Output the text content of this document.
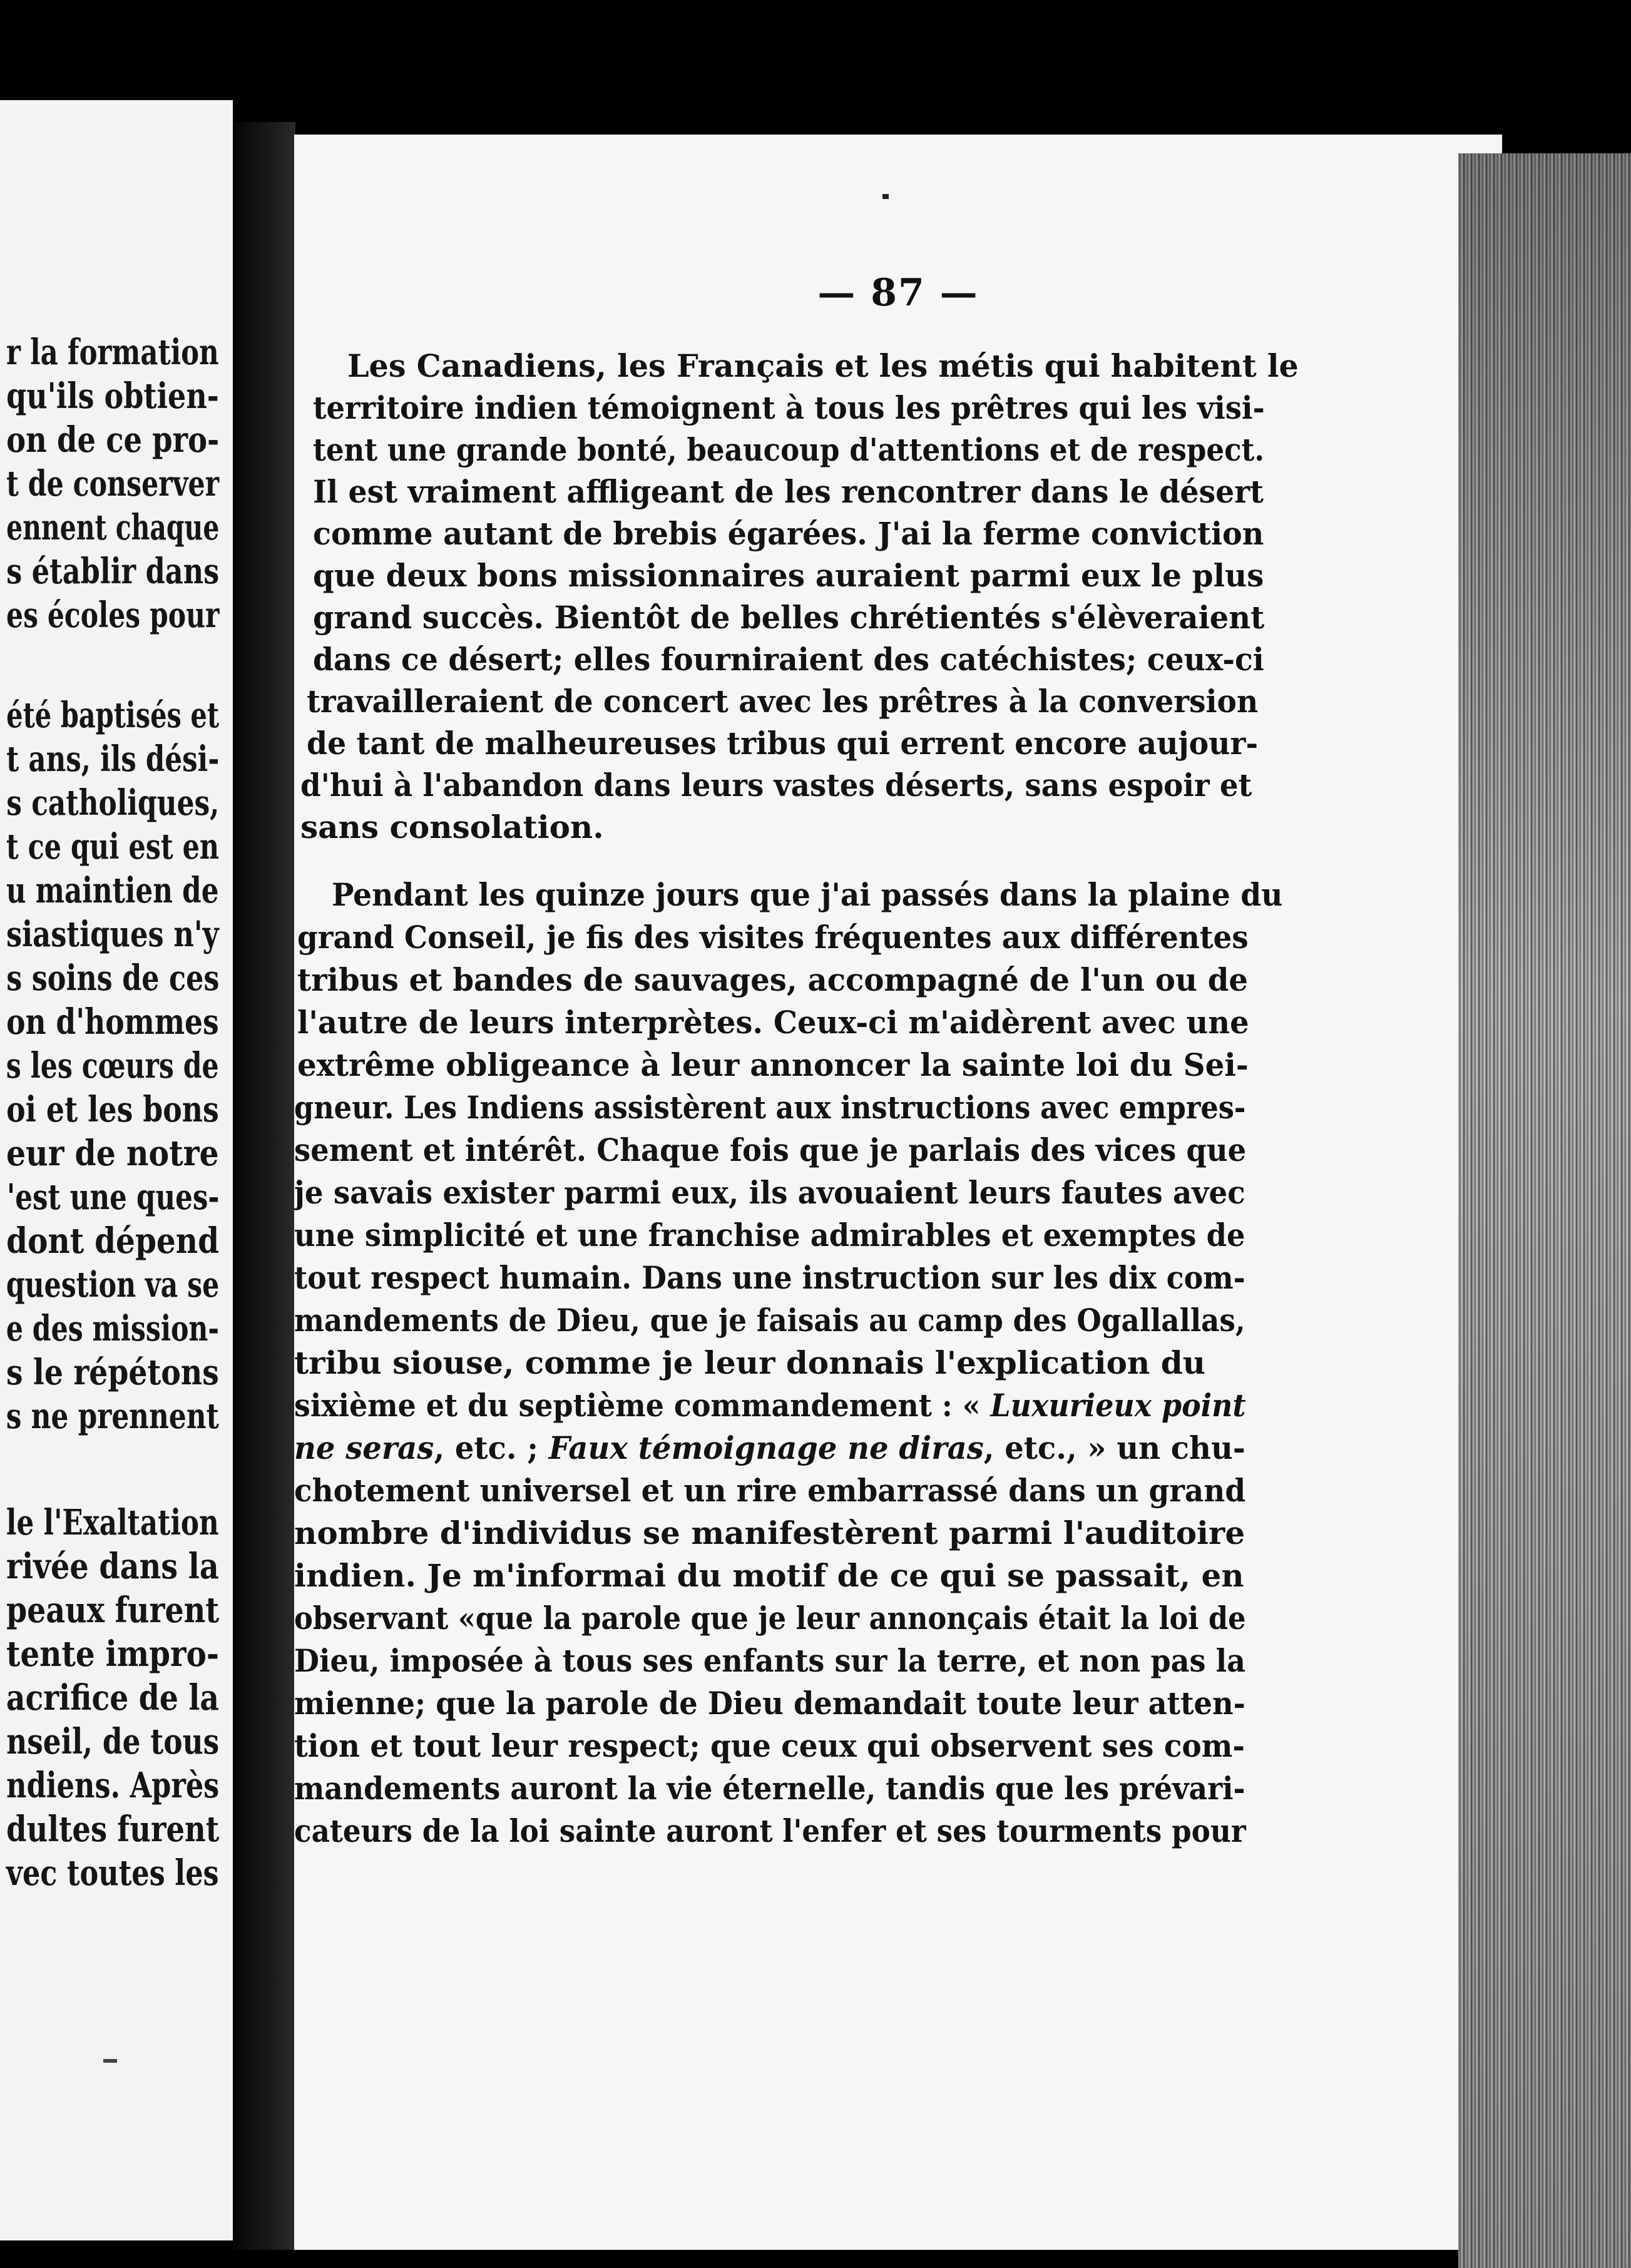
r la formation
qu'ils obtien-
on de ce pro-
t de conserver
ennent chaque
s établir dans
es écoles pour
été baptisés et
t ans, ils dési-
s catholiques,
t ce qui est en
u maintien de
siastiques n'y
s soins de ces
on d'hommes
s les cœurs de
oi et les bons
eur de notre
'est une ques-
dont dépend
question va se
e des mission-
s le répétons
s ne prennent
le l'Exaltation
rivée dans la
peaux furent
tente impro-
acrifice de la
nseil, de tous
ndiens. Après
dultes furent
vec toutes les
— 87 —
Les Canadiens, les Français et les métis qui habitent le
territoire indien témoignent à tous les prêtres qui les visi-
tent une grande bonté, beaucoup d'attentions et de respect.
Il est vraiment affligeant de les rencontrer dans le désert
comme autant de brebis égarées. J'ai la ferme conviction
que deux bons missionnaires auraient parmi eux le plus
grand succès. Bientôt de belles chrétientés s'élèveraient
dans ce désert; elles fourniraient des catéchistes; ceux-ci
travailleraient de concert avec les prêtres à la conversion
de tant de malheureuses tribus qui errent encore aujour-
d'hui à l'abandon dans leurs vastes déserts, sans espoir et
sans consolation.
Pendant les quinze jours que j'ai passés dans la plaine du
grand Conseil, je fis des visites fréquentes aux différentes
tribus et bandes de sauvages, accompagné de l'un ou de
l'autre de leurs interprètes. Ceux-ci m'aidèrent avec une
extrême obligeance à leur annoncer la sainte loi du Sei-
gneur. Les Indiens assistèrent aux instructions avec empres-
sement et intérêt. Chaque fois que je parlais des vices que
je savais exister parmi eux, ils avouaient leurs fautes avec
une simplicité et une franchise admirables et exemptes de
tout respect humain. Dans une instruction sur les dix com-
mandements de Dieu, que je faisais au camp des Ogallallas,
tribu siouse, comme je leur donnais l'explication du
sixième et du septième commandement : « Luxurieux point
ne seras, etc. ; Faux témoignage ne diras, etc., » un chu-
chotement universel et un rire embarrassé dans un grand
nombre d'individus se manifestèrent parmi l'auditoire
indien. Je m'informai du motif de ce qui se passait, en
observant «que la parole que je leur annonçais était la loi de
Dieu, imposée à tous ses enfants sur la terre, et non pas la
mienne; que la parole de Dieu demandait toute leur atten-
tion et tout leur respect; que ceux qui observent ses com-
mandements auront la vie éternelle, tandis que les prévari-
cateurs de la loi sainte auront l'enfer et ses tourments pour
